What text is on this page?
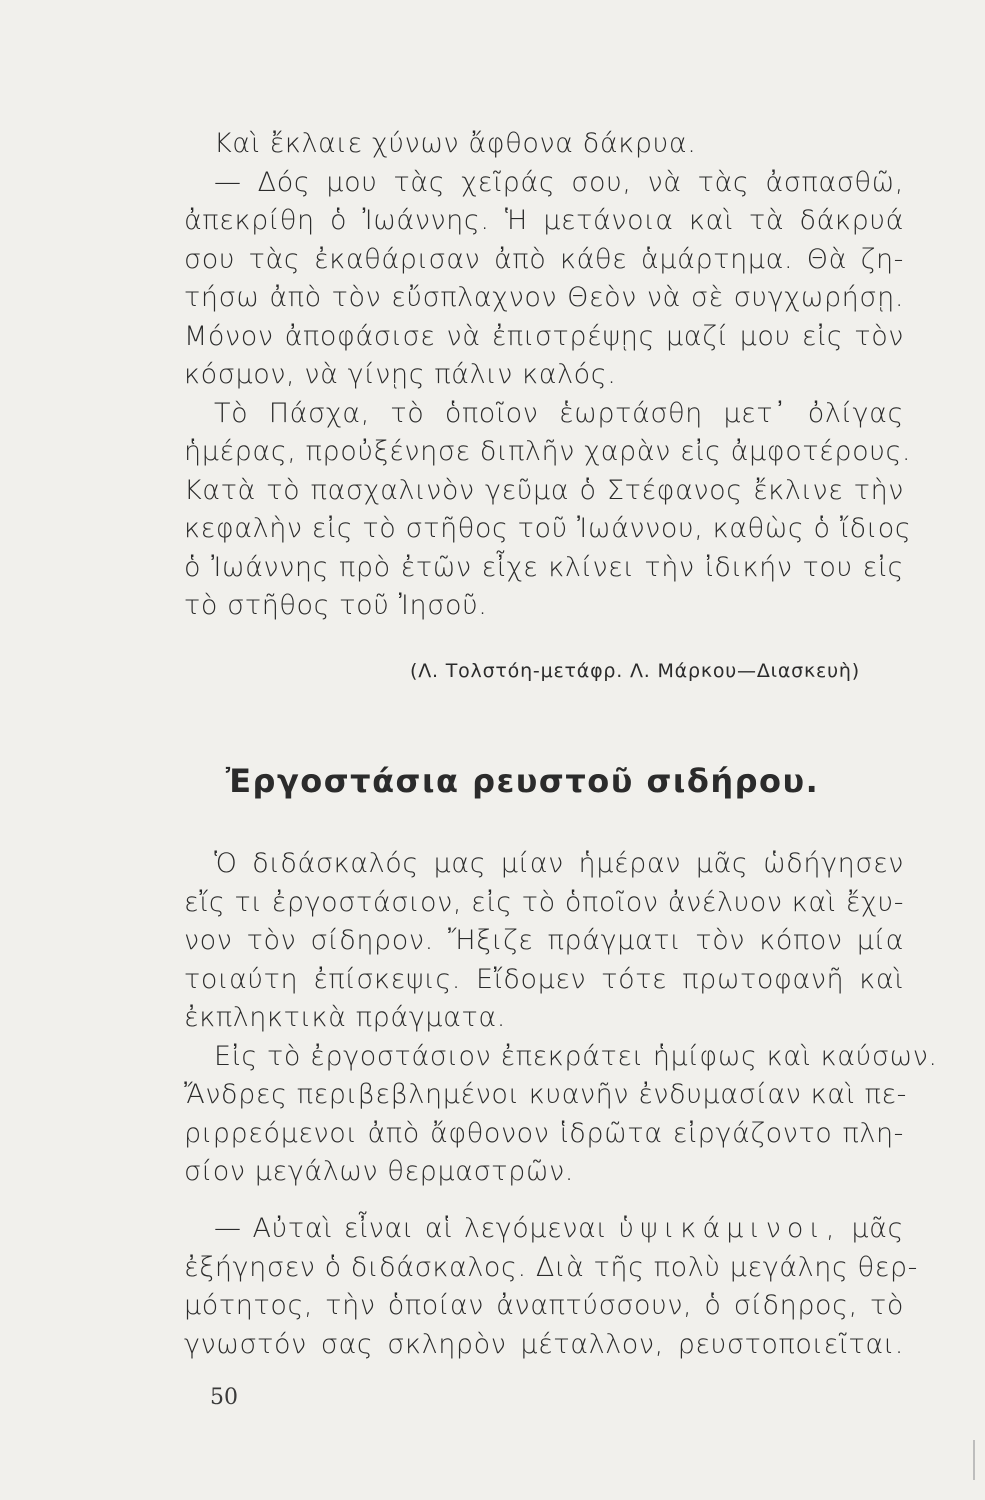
Καὶ ἔκλαιε χύνων ἄφθονα δάκρυα.
— Δός μου τὰς χεῖράς σου, νὰ τὰς ἀσπασθῶ,
ἀπεκρίθη ὁ Ἰωάννης. Ἡ μετάνοια καὶ τὰ δάκρυά
σου τὰς ἐκαθάρισαν ἀπὸ κάθε ἁμάρτημα. Θὰ ζη-
τήσω ἀπὸ τὸν εὔσπλαχνον Θεὸν νὰ σὲ συγχωρήσῃ.
Μόνον ἀποφάσισε νὰ ἐπιστρέψῃς μαζί μου εἰς τὸν
κόσμον, νὰ γίνῃς πάλιν καλός.
Τὸ Πάσχα, τὸ ὁποῖον ἑωρτάσθη μετ᾽ ὀλίγας
ἡμέρας, προὐξένησε διπλῆν χαρὰν εἰς ἀμφοτέρους.
Κατὰ τὸ πασχαλινὸν γεῦμα ὁ Στέφανος ἔκλινε τὴν
κεφαλὴν εἰς τὸ στῆθος τοῦ Ἰωάννου, καθὼς ὁ ἴδιος
ὁ Ἰωάννης πρὸ ἐτῶν εἶχε κλίνει τὴν ἰδικήν του εἰς
τὸ στῆθος τοῦ Ἰησοῦ.
(Λ. Τολστόη-μετάφρ. Λ. Μάρκου—Διασκευὴ)
Ἐργοστάσια ρευστοῦ σιδήρου.
Ὁ διδάσκαλός μας μίαν ἡμέραν μᾶς ὡδήγησεν
εἴς τι ἐργοστάσιον, εἰς τὸ ὁποῖον ἀνέλυον καὶ ἔχυ-
νον τὸν σίδηρον. Ἤξιζε πράγματι τὸν κόπον μία
τοιαύτη ἐπίσκεψις. Εἴδομεν τότε πρωτοφανῆ καὶ
ἐκπληκτικὰ πράγματα.
Εἰς τὸ ἐργοστάσιον ἐπεκράτει ἡμίφως καὶ καύσων.
Ἄνδρες περιβεβλημένοι κυανῆν ἐνδυμασίαν καὶ πε-
ριρρεόμενοι ἀπὸ ἄφθονον ἱδρῶτα εἰργάζοντο πλη-
σίον μεγάλων θερμαστρῶν.
— Αὐταὶ εἶναι αἱ λεγόμεναι ὑψικάμινοι, μᾶς
ἐξήγησεν ὁ διδάσκαλος. Διὰ τῆς πολὺ μεγάλης θερ-
μότητος, τὴν ὁποίαν ἀναπτύσσουν, ὁ σίδηρος, τὸ
γνωστόν σας σκληρὸν μέταλλον, ρευστοποιεῖται.
50
